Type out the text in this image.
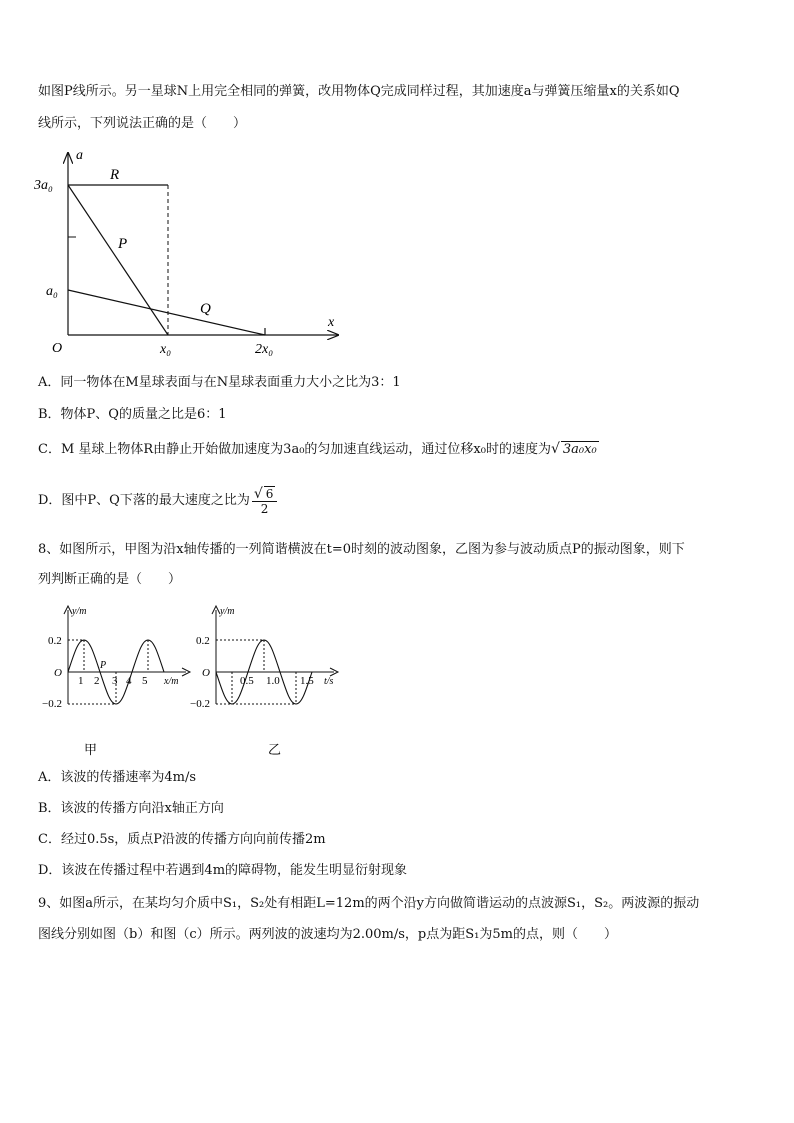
如图P线所示。另一星球N上用完全相同的弹簧，改用物体Q完成同样过程，其加速度a与弹簧压缩量x的关系如Q
线所示，下列说法正确的是（　　）
a
x
O
3a₀
a₀
x₀	2x₀
R
P
Q
A．同一物体在M星球表面与在N星球表面重力大小之比为3：1
B．物体P、Q的质量之比是6：1
C．M 星球上物体R由静止开始做加速度为3a₀的匀加速直线运动，通过位移x₀时的速度为√ 3a₀x₀
D．图中P、Q下落的最大速度之比为 $\frac{√ 6}{2}$
8、如图所示，甲图为沿x轴传播的一列简谐横波在t=0时刻的波动图象，乙图为参与波动质点P的振动图象，则下
列判断正确的是（　　）
y/m
O
0.2
−0.2
1 2 3 4 5
P
x/m
甲
y/m
O
0.2
−0.2
0.5 1.0 1.5 t/s
乙
A．该波的传播速率为4m/s
B．该波的传播方向沿x轴正方向
C．经过0.5s，质点P沿波的传播方向向前传播2m
D．该波在传播过程中若遇到4m的障碍物，能发生明显衍射现象
9、如图a所示，在某均匀介质中S₁，S₂处有相距L=12m的两个沿y方向做简谐运动的点波源S₁，S₂。两波源的振动
图线分别如图（b）和图（c）所示。两列波的波速均为2.00m/s，p点为距S₁为5m的点，则（　　）
